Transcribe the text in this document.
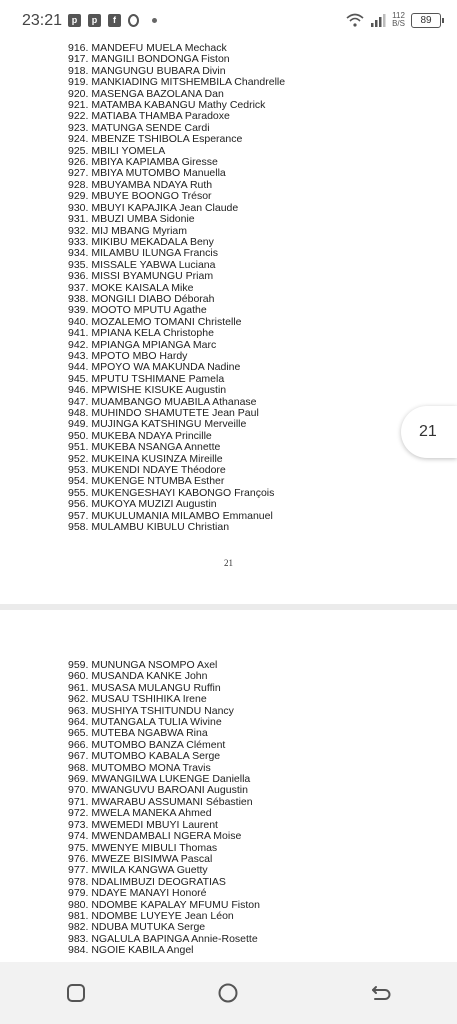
23:21	p	p	f	112
B/S	89
916. MANDEFU MUELA Mechack
917. MANGILI BONDONGA Fiston
918. MANGUNGU BUBARA Divin
919. MANKIADING MITSHEMBILA Chandrelle
920. MASENGA BAZOLANA Dan
921. MATAMBA KABANGU Mathy Cedrick
922. MATIABA THAMBA Paradoxe
923. MATUNGA SENDE Cardi
924. MBENZE TSHIBOLA Esperance
925. MBILI YOMELA
926. MBIYA KAPIAMBA Giresse
927. MBIYA MUTOMBO Manuella
928. MBUYAMBA NDAYA Ruth
929. MBUYE BOONGO Trésor
930. MBUYI KAPAJIKA Jean Claude
931. MBUZI UMBA Sidonie
932. MIJ MBANG Myriam
933. MIKIBU MEKADALA Beny
934. MILAMBU ILUNGA Francis
935. MISSALE YABWA Luciana
936. MISSI BYAMUNGU Priam
937. MOKE KAISALA Mike
938. MONGILI DIABO Déborah
939. MOOTO MPUTU Agathe
940. MOZALEMO TOMANI Christelle
941. MPIANA KELA Christophe
942. MPIANGA MPIANGA Marc
943. MPOTO MBO Hardy
944. MPOYO WA MAKUNDA Nadine
945. MPUTU TSHIMANE Pamela
946. MPWISHE KISUKE Augustin
947. MUAMBANGO MUABILA Athanase
948. MUHINDO SHAMUTETE Jean Paul
949. MUJINGA KATSHINGU Merveille
950. MUKEBA NDAYA Princille
951. MUKEBA NSANGA Annette
952. MUKEINA KUSINZA Mireille
953. MUKENDI NDAYE Théodore
954. MUKENGE NTUMBA Esther
955. MUKENGESHAYI KABONGO François
956. MUKOYA MUZIZI Augustin
957. MUKULUMANIA MILAMBO Emmanuel
958. MULAMBU KIBULU Christian
21
959. MUNUNGA NSOMPO Axel
960. MUSANDA KANKE John
961. MUSASA MULANGU Ruffin
962. MUSAU TSHIHIKA Irene
963. MUSHIYA TSHITUNDU Nancy
964. MUTANGALA TULIA Wivine
965. MUTEBA NGABWA Rina
966. MUTOMBO BANZA Clément
967. MUTOMBO KABALA Serge
968. MUTOMBO MONA Travis
969. MWANGILWA LUKENGE Daniella
970. MWANGUVU BAROANI Augustin
971. MWARABU ASSUMANI Sébastien
972. MWELA MANEKA Ahmed
973. MWEMEDI MBUYI Laurent
974. MWENDAMBALI NGERA Moise
975. MWENYE MIBULI Thomas
976. MWEZE BISIMWA Pascal
977. MWILA KANGWA Guetty
978. NDALIMBUZI DEOGRATIAS
979. NDAYE MANAYI Honoré
980. NDOMBE KAPALAY MFUMU Fiston
981. NDOMBE LUYEYE Jean Léon
982. NDUBA MUTUKA Serge
983. NGALULA BAPINGA Annie-Rosette
984. NGOIE KABILA Angel
21
